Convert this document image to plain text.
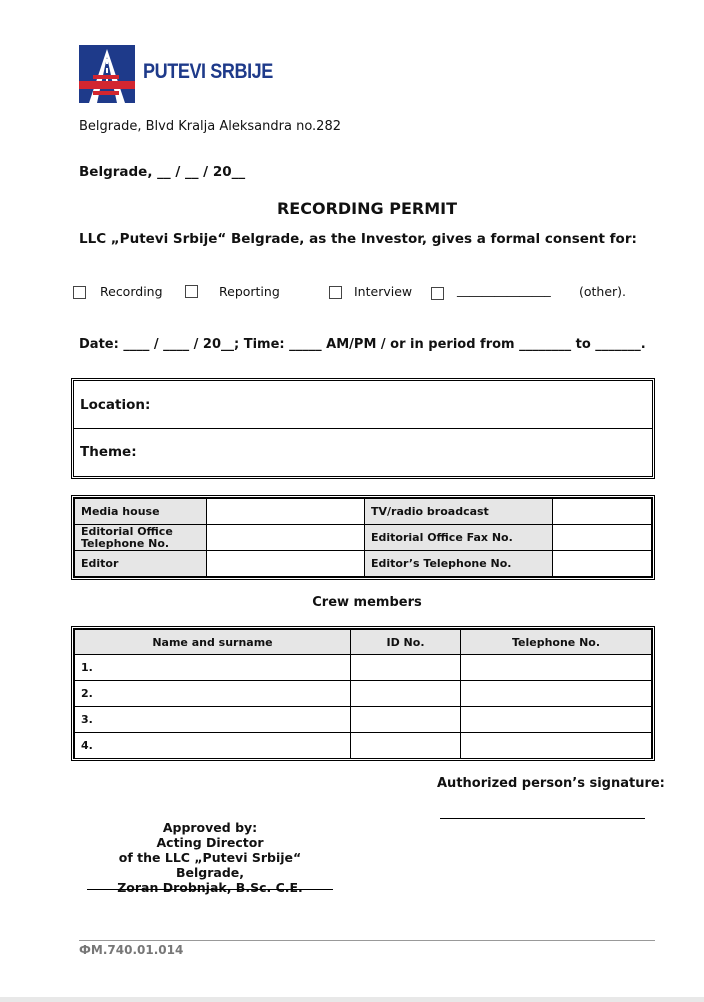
PUTEVI SRBIJE
Belgrade, Blvd Kralja Aleksandra no.282
Belgrade, __ / __ / 20__
RECORDING PERMIT
LLC „Putevi Srbije“ Belgrade, as the Investor, gives a formal consent for:
Recording	Reporting	Interview	_______________ (other).
Date: ____ / ____ / 20__; Time: _____ AM/PM / or in period from ________ to _______.
Location:
Theme:
Media house		TV/radio broadcast	
Editorial Office Telephone No.		Editorial Office Fax No.	
Editor		Editor’s Telephone No.	
Crew members
Name and surname	ID No.	Telephone No.
1.		
2.		
3.		
4.		
Authorized person’s signature:
Approved by:
Acting Director
of the LLC „Putevi Srbije“ Belgrade,
Zoran Drobnjak, B.Sc. C.E.
ФМ.740.01.014
